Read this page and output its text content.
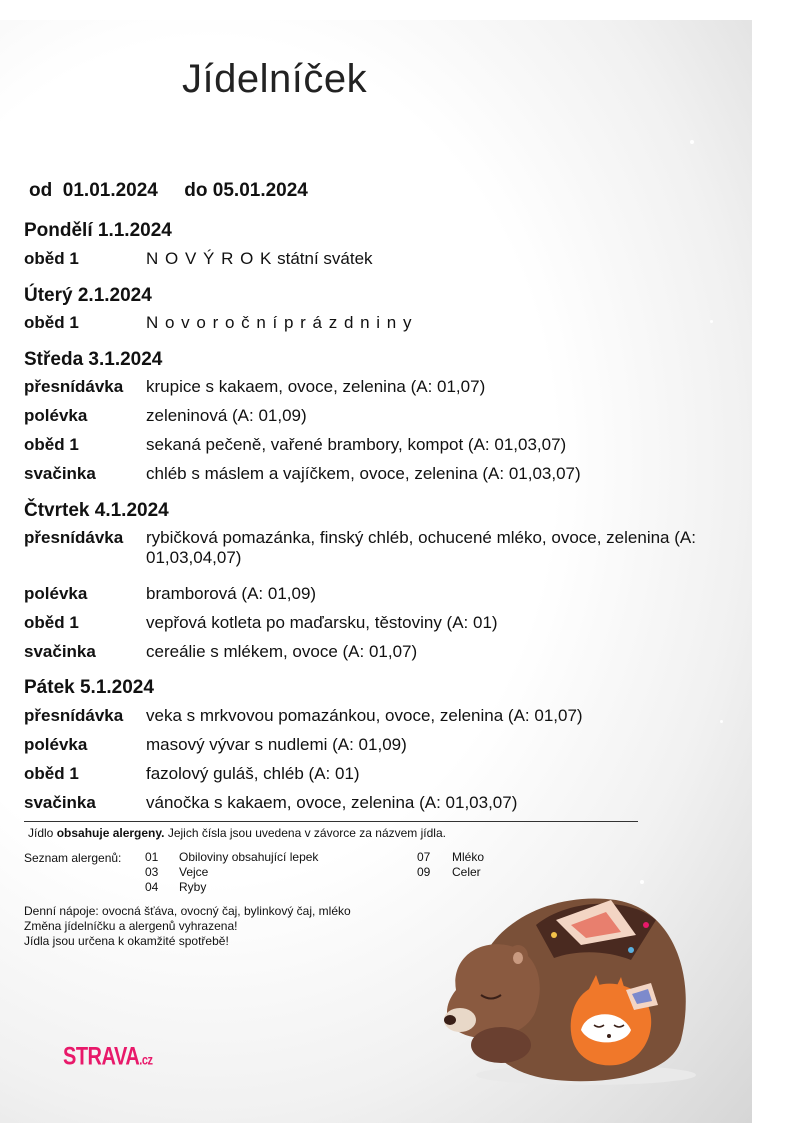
Jídelníček
od 01.01.2024 do 05.01.2024
Pondělí 1.1.2024
oběd 1	N O V Ý R O K státní svátek
Úterý 2.1.2024
oběd 1	N o v o r o č n í p r á z d n i n y
Středa 3.1.2024
přesnídávka krupice s kakaem, ovoce, zelenina (A: 01,07)
polévka	zeleninová (A: 01,09)
oběd 1	sekaná pečeně, vařené brambory, kompot (A: 01,03,07)
svačinka	chléb s máslem a vajíčkem, ovoce, zelenina (A: 01,03,07)
Čtvrtek 4.1.2024
přesnídávka rybičková pomazánka, finský chléb, ochucené mléko, ovoce, zelenina (A: 01,03,04,07)
polévka	bramborová (A: 01,09)
oběd 1	vepřová kotleta po maďarsku, těstoviny (A: 01)
svačinka	cereálie s mlékem, ovoce (A: 01,07)
Pátek 5.1.2024
přesnídávka veka s mrkvovou pomazánkou, ovoce, zelenina (A: 01,07)
polévka	masový vývar s nudlemi (A: 01,09)
oběd 1	fazolový guláš, chléb (A: 01)
svačinka	vánočka s kakaem, ovoce, zelenina (A: 01,03,07)
Jídlo obsahuje alergeny. Jejich čísla jsou uvedena v závorce za názvem jídla.
Seznam alergenů: 01 Obiloviny obsahující lepek
03 Vejce
04 Ryby
07 Mléko
09 Celer
Denní nápoje: ovocná šťáva, ovocný čaj, bylinkový čaj, mléko
Změna jídelníčku a alergenů vyhrazena!
Jídla jsou určena k okamžité spotřebě!
STRAVA.cz
